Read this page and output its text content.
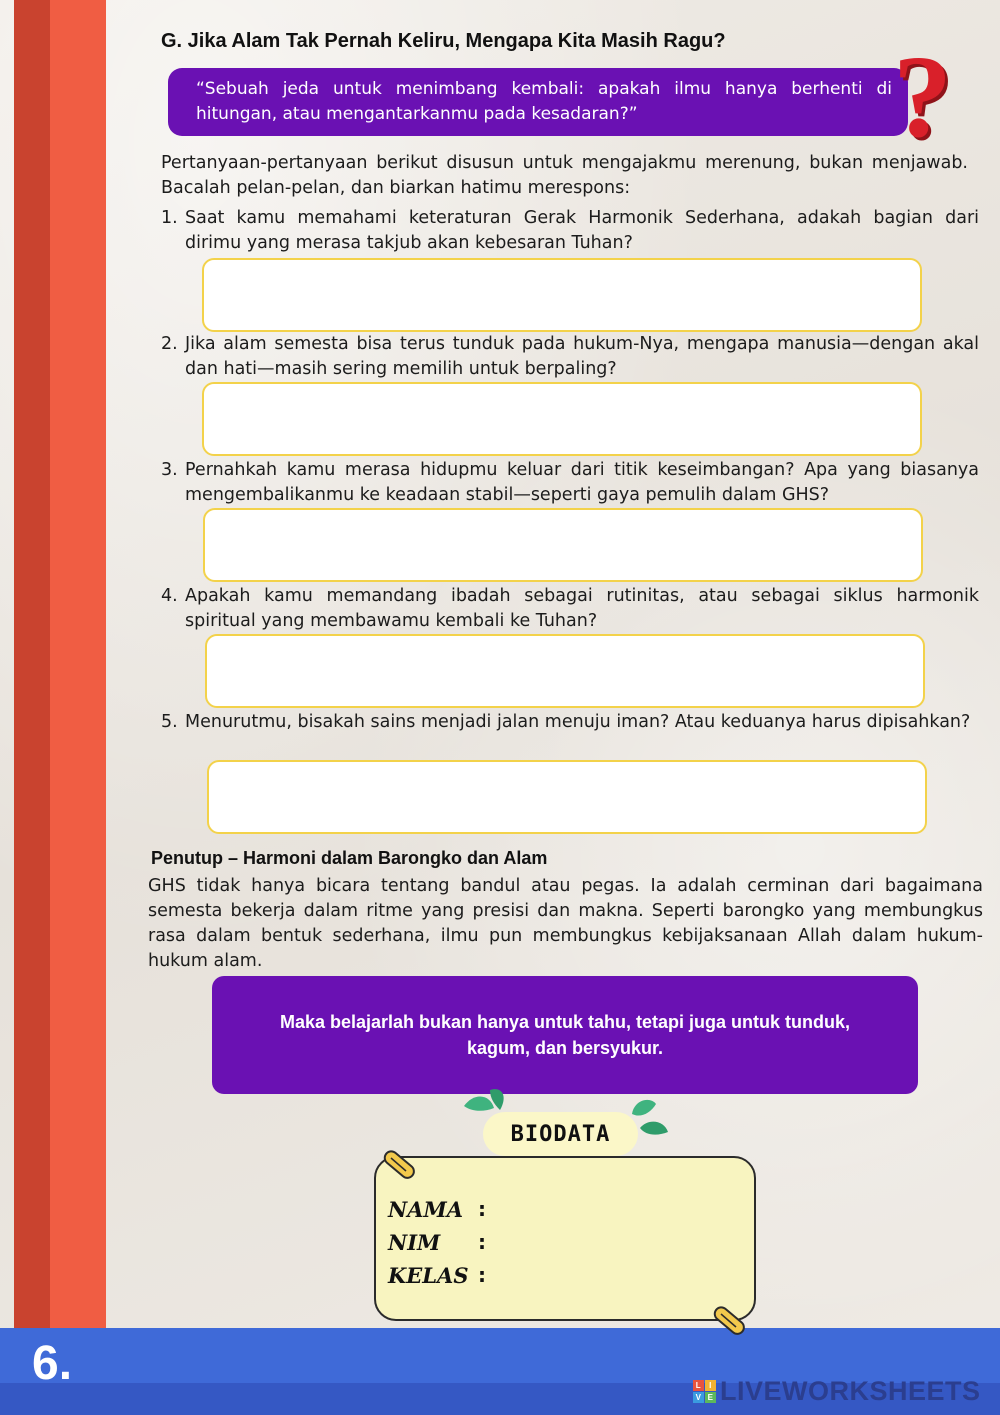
6.
G. Jika Alam Tak Pernah Keliru, Mengapa Kita Masih Ragu?
“Sebuah jeda untuk menimbang kembali: apakah ilmu hanya berhenti di hitungan, atau mengantarkanmu pada kesadaran?”	?
Pertanyaan-pertanyaan berikut disusun untuk mengajakmu merenung, bukan menjawab. Bacalah pelan-pelan, dan biarkan hatimu merespons:
1. Saat kamu memahami keteraturan Gerak Harmonik Sederhana, adakah bagian dari dirimu yang merasa takjub akan kebesaran Tuhan?
2. Jika alam semesta bisa terus tunduk pada hukum-Nya, mengapa manusia—dengan akal dan hati—masih sering memilih untuk berpaling?
3. Pernahkah kamu merasa hidupmu keluar dari titik keseimbangan? Apa yang biasanya mengembalikanmu ke keadaan stabil—seperti gaya pemulih dalam GHS?
4. Apakah kamu memandang ibadah sebagai rutinitas, atau sebagai siklus harmonik spiritual yang membawamu kembali ke Tuhan?
5. Menurutmu, bisakah sains menjadi jalan menuju iman? Atau keduanya harus dipisahkan?
Penutup – Harmoni dalam Barongko dan Alam
GHS tidak hanya bicara tentang bandul atau pegas. Ia adalah cerminan dari bagaimana semesta bekerja dalam ritme yang presisi dan makna. Seperti barongko yang membungkus rasa dalam bentuk sederhana, ilmu pun membungkus kebijaksanaan Allah dalam hukum-hukum alam.
Maka belajarlah bukan hanya untuk tahu, tetapi juga untuk tunduk, kagum, dan bersyukur.
BIODATA
NAMA :
NIM :
KELAS :
L I
V E LIVEWORKSHEETS
